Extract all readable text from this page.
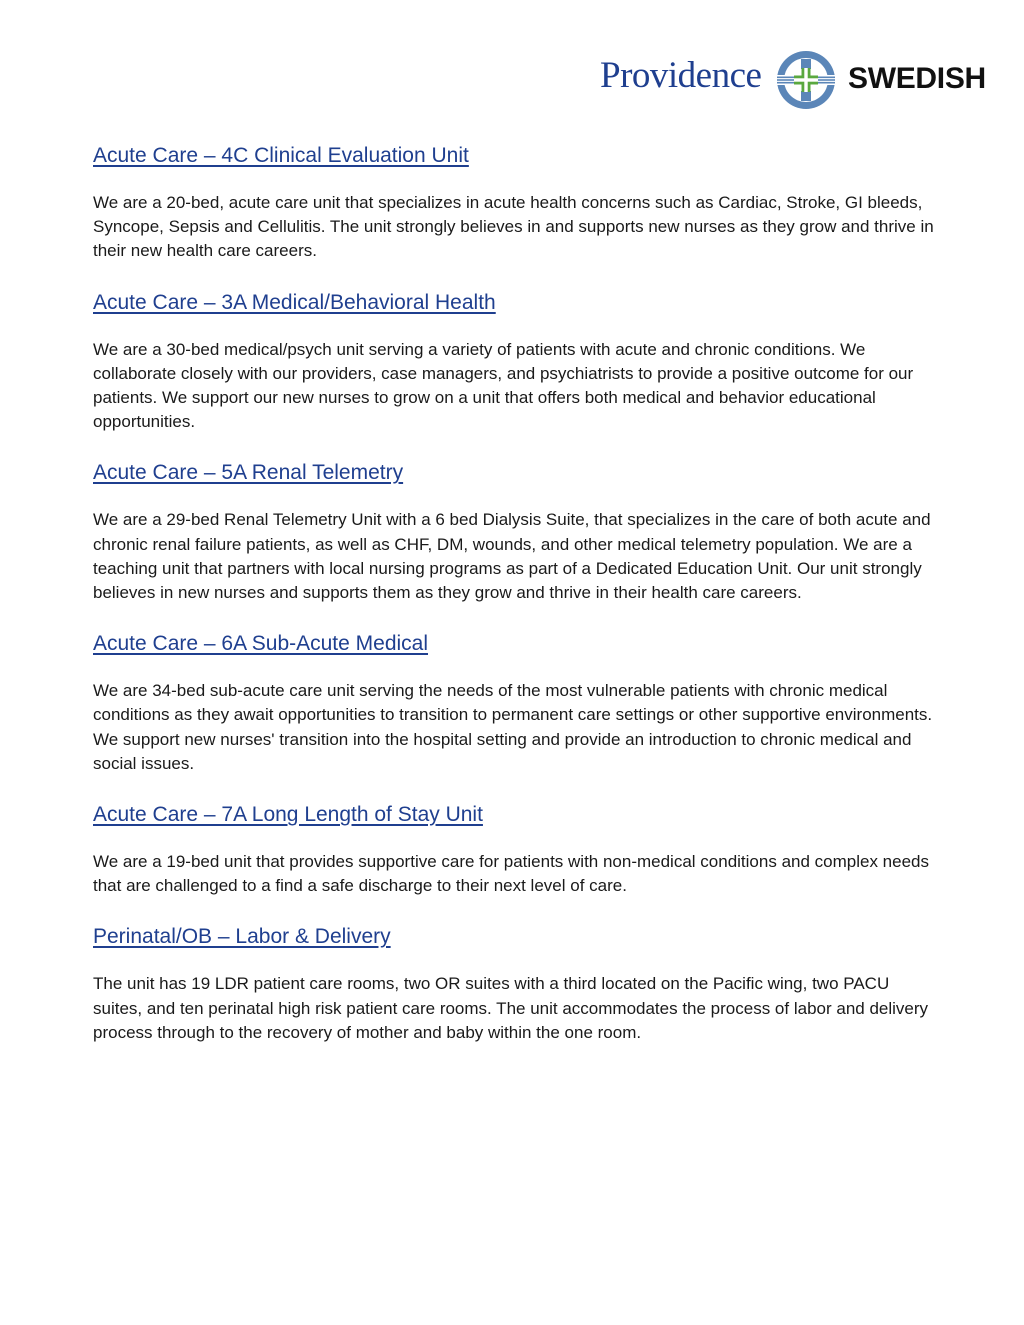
Providence	SWEDISH
Acute Care – 4C Clinical Evaluation Unit

We are a 20-bed, acute care unit that specializes in acute health concerns such as Cardiac, Stroke, GI bleeds, Syncope, Sepsis and Cellulitis. The unit strongly believes in and supports new nurses as they grow and thrive in their new health care careers.

Acute Care – 3A Medical/Behavioral Health

We are a 30-bed medical/psych unit serving a variety of patients with acute and chronic conditions. We collaborate closely with our providers, case managers, and psychiatrists to provide a positive outcome for our patients. We support our new nurses to grow on a unit that offers both medical and behavior educational opportunities.

Acute Care – 5A Renal Telemetry

We are a 29-bed Renal Telemetry Unit with a 6 bed Dialysis Suite, that specializes in the care of both acute and chronic renal failure patients, as well as CHF, DM, wounds, and other medical telemetry population. We are a teaching unit that partners with local nursing programs as part of a Dedicated Education Unit. Our unit strongly believes in new nurses and supports them as they grow and thrive in their health care careers.

Acute Care – 6A Sub-Acute Medical

We are 34-bed sub-acute care unit serving the needs of the most vulnerable patients with chronic medical conditions as they await opportunities to transition to permanent care settings or other supportive environments. We support new nurses' transition into the hospital setting and provide an introduction to chronic medical and social issues.

Acute Care – 7A Long Length of Stay Unit

We are a 19-bed unit that provides supportive care for patients with non-medical conditions and complex needs that are challenged to a find a safe discharge to their next level of care.

Perinatal/OB – Labor & Delivery

The unit has 19 LDR patient care rooms, two OR suites with a third located on the Pacific wing, two PACU suites, and ten perinatal high risk patient care rooms. The unit accommodates the process of labor and delivery process through to the recovery of mother and baby within the one room.
